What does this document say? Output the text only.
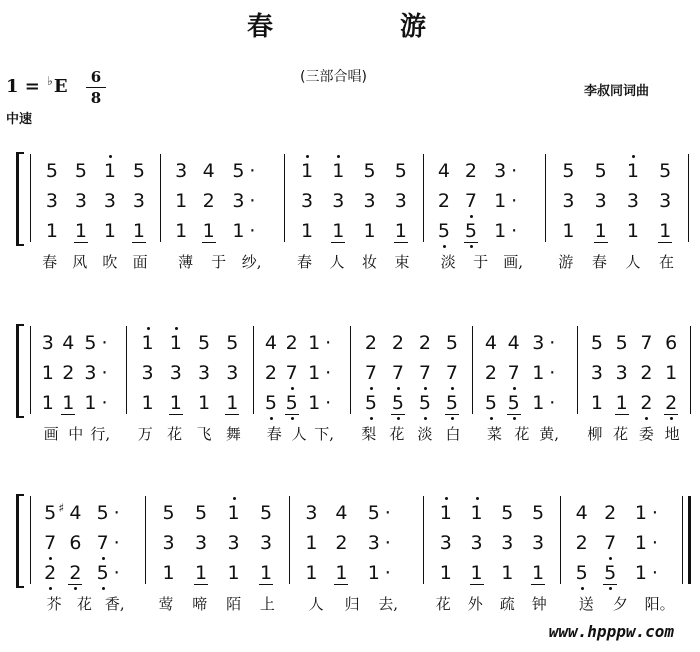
春	游
1 = ♭E	6
8
(三部合唱)
李叔同词曲
中速
5 5 1 5
3 3 3 3
1 1 1 1
春 风 吹 面
3 4 5 ·
1 2 3 ·
1 1 1 ·
薄 于 纱,
1 1 5 5
3 3 3 3
1 1 1 1
春 人 妆 束
4 2 3 ·
2 7 1 ·
5 5 1 ·
淡 于 画,
5 5 1 5
3 3 3 3
1 1 1 1
游 春 人 在
3 4 5 ·
1 2 3 ·
1 1 1 ·
画 中 行,
1 1 5 5
3 3 3 3
1 1 1 1
万 花 飞 舞
4 2 1 ·
2 7 1 ·
5 5 1 ·
春 人 下,
2 2 2 5
7 7 7 7
5 5 5 5
梨 花 淡 白
4 4 3 ·
2 7 1 ·
5 5 1 ·
菜 花 黄,
5 5 7 6
3 3 2 1
1 1 2 2
柳 花 委 地
5 4
♯ 5 ·
7 6 7 ·
2 2 5 ·
芥 花 香,
5 5 1 5
3 3 3 3
1 1 1 1
莺 啼 陌 上
3 4 5 ·
1 2 3 ·
1 1 1 ·
人 归 去,
1 1 5 5
3 3 3 3
1 1 1 1
花 外 疏 钟
4 2 1 ·
2 7 1 ·
5 5 1 ·
送 夕 阳。
www.hpppw.com
